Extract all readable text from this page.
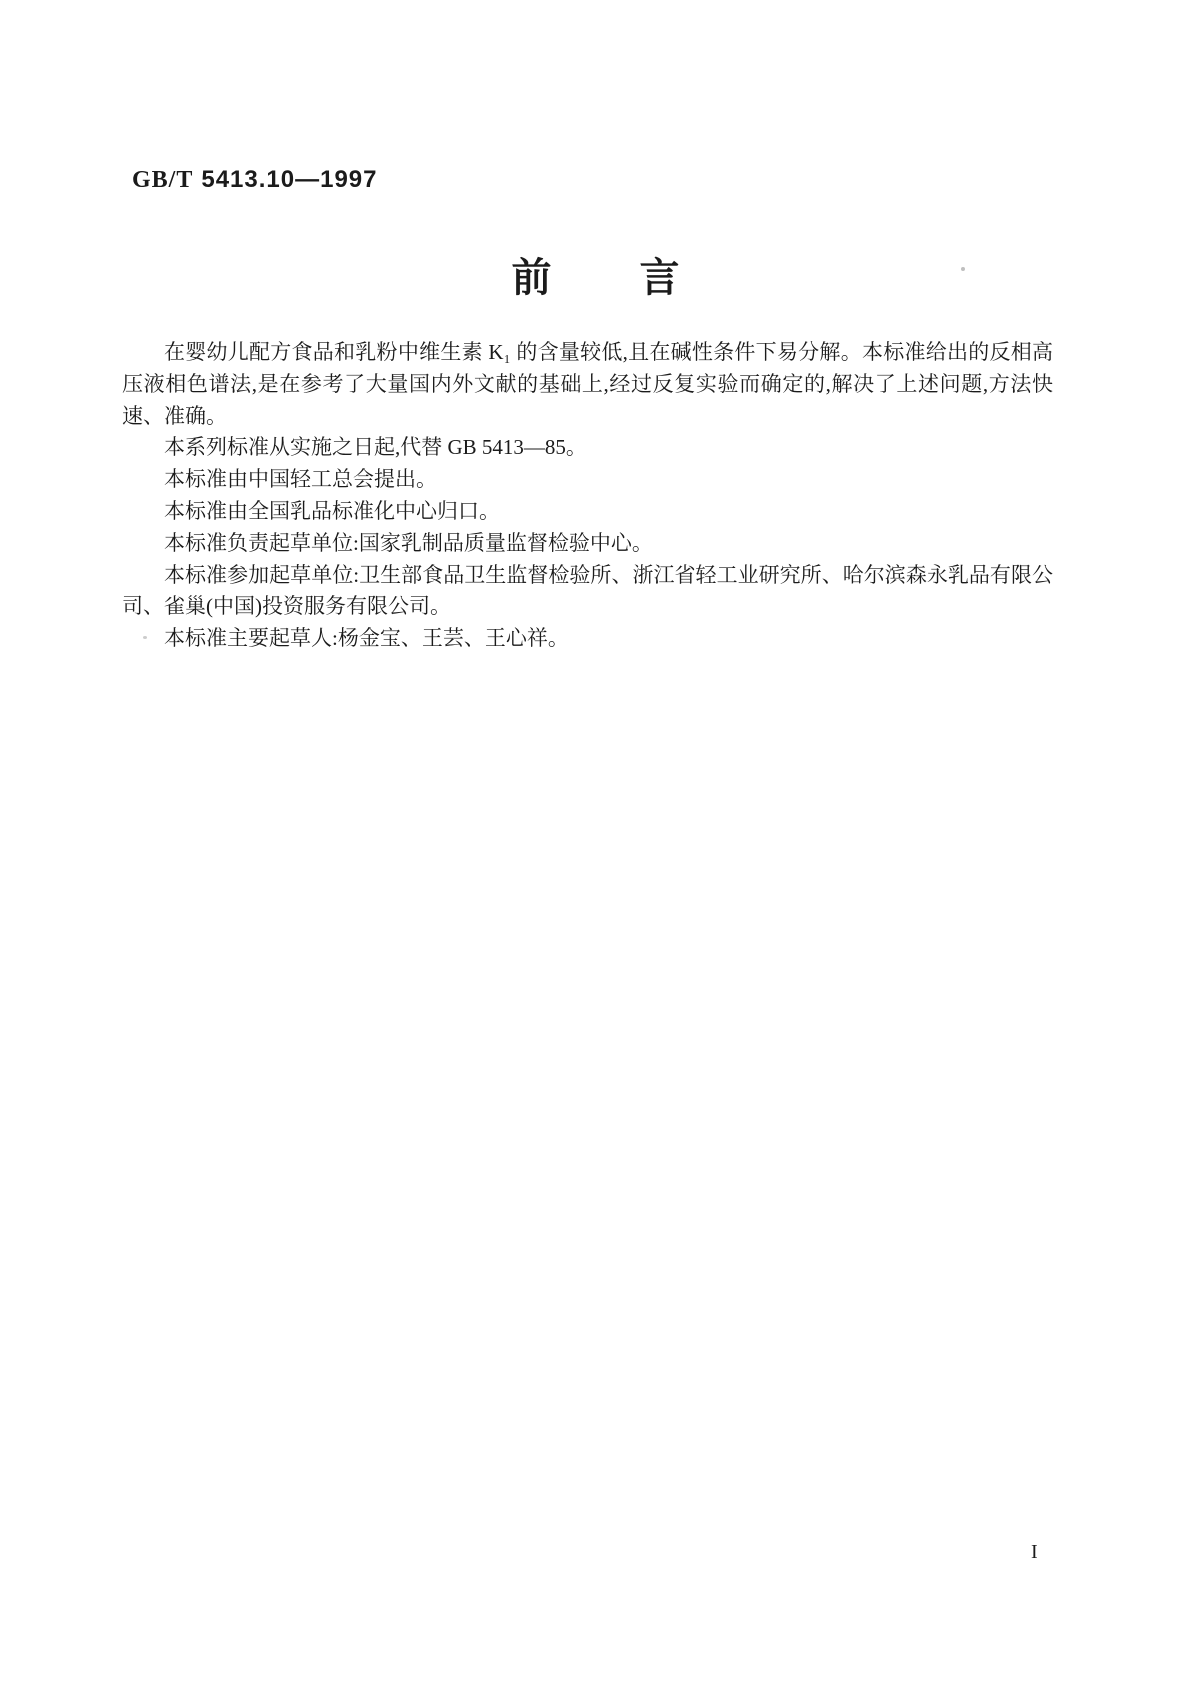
GB/T 5413.10—1997
前 言
在婴幼儿配方食品和乳粉中维生素 K₁ 的含量较低,且在碱性条件下易分解。本标准给出的反相高
压液相色谱法,是在参考了大量国内外文献的基础上,经过反复实验而确定的,解决了上述问题,方法快
速、准确。
本系列标准从实施之日起,代替 GB 5413—85。
本标准由中国轻工总会提出。
本标准由全国乳品标准化中心归口。
本标准负责起草单位:国家乳制品质量监督检验中心。
本标准参加起草单位:卫生部食品卫生监督检验所、浙江省轻工业研究所、哈尔滨森永乳品有限公
司、雀巢(中国)投资服务有限公司。
本标准主要起草人:杨金宝、王芸、王心祥。
I
